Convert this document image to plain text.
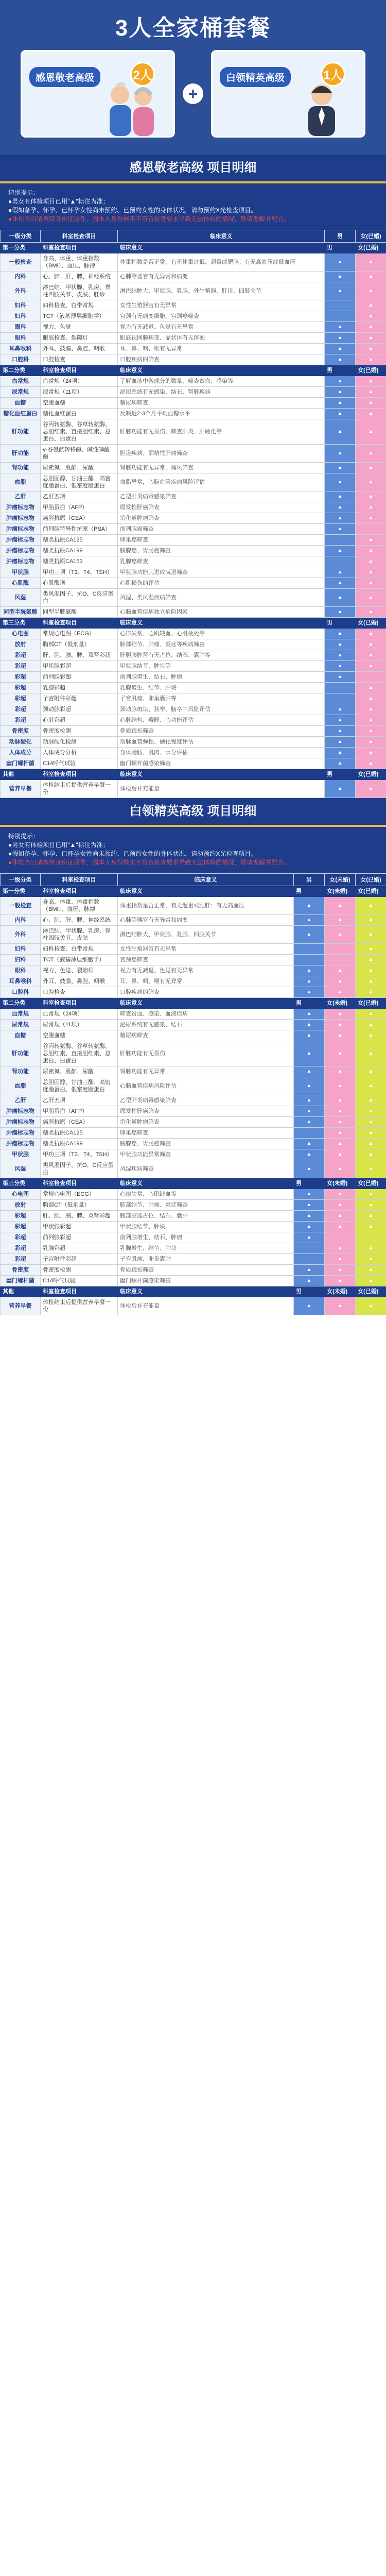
3人全家桶套餐
感恩敬老高级	2人
+
白领精英高级	1人
感恩敬老高级 项目明细
特别提示：
●男女有体检项目已用"▲"标注为准；
●假如备孕、怀孕、已怀孕女性尚未预约、已预约女性的身体状况，请勿预约X光检查项目。
●体检当日请携带身份证原件，因本人身份核实不符合检查要求导致无法体检的情况，敬请理解并配合。
一级分类	科室检查项目	临床意义	男	女(已婚)
第一分类	科室检查项目	临床意义	男	女(已婚)
一般检查	身高、体重、体重指数（BMI）、血压、脉搏	体重指数是否正常，有无体重过低、超重或肥胖；有无高血压或低血压	▲	▲
内科	心、肺、肝、脾、神经系统	心肺等器官有无异常和病变	▲	▲
外科	淋巴结、甲状腺、乳房、脊柱四肢关节、皮肤、肛诊	淋巴结肿大、甲状腺、乳腺、外生殖器、肛诊、四肢关节	▲	▲
妇科	妇科检查、白带常规	女性生殖器官有无异常		▲
妇科	TCT（液基薄层细胞学）	宫颈有无病变细胞，宫颈癌筛查		▲
眼科	视力、色觉	视力有无减退、色觉有无异常	▲	▲
眼科	眼底检查、裂隙灯	眼底视网膜病变、晶状体有无浑浊	▲	▲
耳鼻喉科	外耳、鼓膜、鼻腔、咽喉	耳、鼻、咽、喉有无异常	▲	▲
口腔科	口腔检查	口腔疾病的筛查	▲	▲
第二分类	科室检查项目	临床意义	男	女(已婚)
血常规	血常规（24项）	了解血液中各成分的数量，筛查贫血、感染等	▲	▲
尿常规	尿常规（11项）	泌尿系统有无感染、结石、肾脏疾病	▲	▲
血糖	空腹血糖	糖尿病筛查	▲	▲
糖化血红蛋白	糖化血红蛋白	反映近2-3个月平均血糖水平	▲	▲
肝功能	谷丙转氨酶、谷草转氨酶、总胆红素、直接胆红素、总蛋白、白蛋白	肝脏功能有无损伤，筛查肝炎、肝硬化等	▲	▲
肝功能	γ-谷氨酰转移酶、碱性磷酸酶	胆道疾病、酒精性肝病筛查	▲	▲
肾功能	尿素氮、肌酐、尿酸	肾脏功能有无异常，痛风筛查	▲	▲
血脂	总胆固醇、甘油三酯、高密度脂蛋白、低密度脂蛋白	血脂异常，心脑血管疾病风险评估	▲	▲
乙肝	乙肝五项	乙型肝炎病毒感染筛查	▲	▲
肿瘤标志物	甲胎蛋白（AFP）	原发性肝癌筛查	▲	▲
肿瘤标志物	癌胚抗原（CEA）	消化道肿瘤筛查	▲	▲
肿瘤标志物	前列腺特异性抗原（PSA）	前列腺癌筛查	▲	
肿瘤标志物	糖类抗原CA125	卵巢癌筛查		▲
肿瘤标志物	糖类抗原CA199	胰腺癌、胃肠癌筛查	▲	▲
肿瘤标志物	糖类抗原CA153	乳腺癌筛查		▲
甲状腺	甲功三项（T3、T4、TSH）	甲状腺功能亢进或减退筛查	▲	▲
心肌酶	心肌酶谱	心肌损伤的评估	▲	▲
风湿	类风湿因子、抗O、C反应蛋白	风湿、类风湿疾病筛查	▲	▲
同型半胱氨酸	同型半胱氨酸	心脑血管疾病独立危险因素	▲	▲
第三分类	科室检查项目	临床意义	男	女(已婚)
心电图	常规心电图（ECG）	心律失常、心肌缺血、心肌梗死等	▲	▲
放射	胸部CT（低剂量）	肺部结节、肿瘤、炎症等疾病筛查	▲	▲
彩超	肝、胆、胰、脾、双肾彩超	肝胆胰脾肾有无占位、结石、囊肿等	▲	▲
彩超	甲状腺彩超	甲状腺结节、肿块等	▲	▲
彩超	前列腺彩超	前列腺增生、结石、肿瘤	▲	
彩超	乳腺彩超	乳腺增生、结节、肿块		▲
彩超	子宫附件彩超	子宫肌瘤、卵巢囊肿等		▲
彩超	颈动脉彩超	颈动脉斑块、狭窄，脑卒中风险评估	▲	▲
彩超	心脏彩超	心脏结构、瓣膜、心功能评估	▲	▲
骨密度	骨密度检测	骨质疏松筛查	▲	▲
动脉硬化	动脉硬化检测	动脉血管弹性、硬化程度评估	▲	▲
人体成分	人体成分分析	身体脂肪、肌肉、水分评估	▲	▲
幽门螺杆菌	C14呼气试验	幽门螺杆菌感染筛查	▲	▲
其他	科室检查项目	临床意义	男	女(已婚)
营养早餐	体检结束后提供营养早餐一份	体检后补充能量	▲	▲
白领精英高级 项目明细
特别提示：
●男女有体检项目已用"▲"标注为准；
●假如备孕、怀孕、已怀孕女性尚未预约、已预约女性的身体状况，请勿预约X光检查项目。
●体检当日请携带身份证原件，因本人身份核实不符合检查要求导致无法体检的情况，敬请理解并配合。
一级分类	科室检查项目	临床意义	男	女(未婚)	女(已婚)
第一分类	科室检查项目	临床意义	男	女(未婚)	女(已婚)
一般检查	身高、体重、体重指数（BMI）、血压、脉搏	体重指数是否正常，有无超重或肥胖；有无高血压	▲	▲	▲
内科	心、肺、肝、脾、神经系统	心肺等器官有无异常和病变	▲	▲	▲
外科	淋巴结、甲状腺、乳房、脊柱四肢关节、皮肤	淋巴结肿大、甲状腺、乳腺、四肢关节	▲	▲	▲
妇科	妇科检查、白带常规	女性生殖器官有无异常			▲
妇科	TCT（液基薄层细胞学）	宫颈癌筛查			▲
眼科	视力、色觉、裂隙灯	视力有无减退、色觉有无异常	▲	▲	▲
耳鼻喉科	外耳、鼓膜、鼻腔、咽喉	耳、鼻、咽、喉有无异常	▲	▲	▲
口腔科	口腔检查	口腔疾病的筛查	▲	▲	▲
第二分类	科室检查项目	临床意义	男	女(未婚)	女(已婚)
血常规	血常规（24项）	筛查贫血、感染、血液疾病	▲	▲	▲
尿常规	尿常规（11项）	泌尿系统有无感染、结石	▲	▲	▲
血糖	空腹血糖	糖尿病筛查	▲	▲	▲
肝功能	谷丙转氨酶、谷草转氨酶、总胆红素、直接胆红素、总蛋白、白蛋白	肝脏功能有无损伤	▲	▲	▲
肾功能	尿素氮、肌酐、尿酸	肾脏功能有无异常	▲	▲	▲
血脂	总胆固醇、甘油三酯、高密度脂蛋白、低密度脂蛋白	心脑血管疾病风险评估	▲	▲	▲
乙肝	乙肝五项	乙型肝炎病毒感染筛查	▲	▲	▲
肿瘤标志物	甲胎蛋白（AFP）	原发性肝癌筛查	▲	▲	▲
肿瘤标志物	癌胚抗原（CEA）	消化道肿瘤筛查	▲	▲	▲
肿瘤标志物	糖类抗原CA125	卵巢癌筛查		▲	▲
肿瘤标志物	糖类抗原CA199	胰腺癌、胃肠癌筛查	▲	▲	▲
甲状腺	甲功三项（T3、T4、TSH）	甲状腺功能异常筛查	▲	▲	▲
风湿	类风湿因子、抗O、C反应蛋白	风湿疾病筛查	▲	▲	▲
第三分类	科室检查项目	临床意义	男	女(未婚)	女(已婚)
心电图	常规心电图（ECG）	心律失常、心肌缺血等	▲	▲	▲
放射	胸部CT（低剂量）	肺部结节、肿瘤、炎症筛查	▲	▲	▲
彩超	肝、胆、胰、脾、双肾彩超	腹部脏器占位、结石、囊肿	▲	▲	▲
彩超	甲状腺彩超	甲状腺结节、肿块	▲	▲	▲
彩超	前列腺彩超	前列腺增生、结石、肿瘤	▲		
彩超	乳腺彩超	乳腺增生、结节、肿块		▲	▲
彩超	子宫附件彩超	子宫肌瘤、卵巢囊肿		▲	▲
骨密度	骨密度检测	骨质疏松筛查	▲	▲	▲
幽门螺杆菌	C14呼气试验	幽门螺杆菌感染筛查	▲	▲	▲
其他	科室检查项目	临床意义	男	女(未婚)	女(已婚)
营养早餐	体检结束后提供营养早餐一份	体检后补充能量	▲	▲	▲
